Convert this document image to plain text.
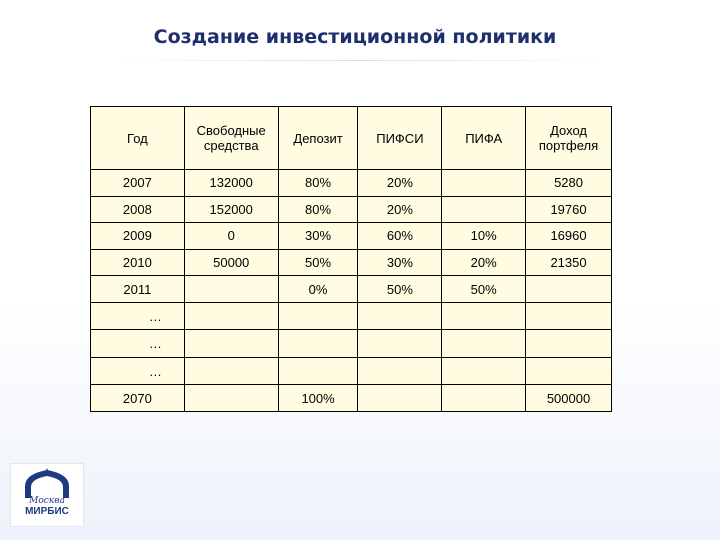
Создание инвестиционной политики
Год	Свободные средства	Депозит	ПИФСИ	ПИФА	Доход портфеля
2007	132000	80%	20%		5280
2008	152000	80%	20%		19760
2009	0	30%	60%	10%	16960
2010	50000	50%	30%	20%	21350
2011		0%	50%	50%	
…					
…					
…					
2070		100%			500000
Москва
МИРБИС
